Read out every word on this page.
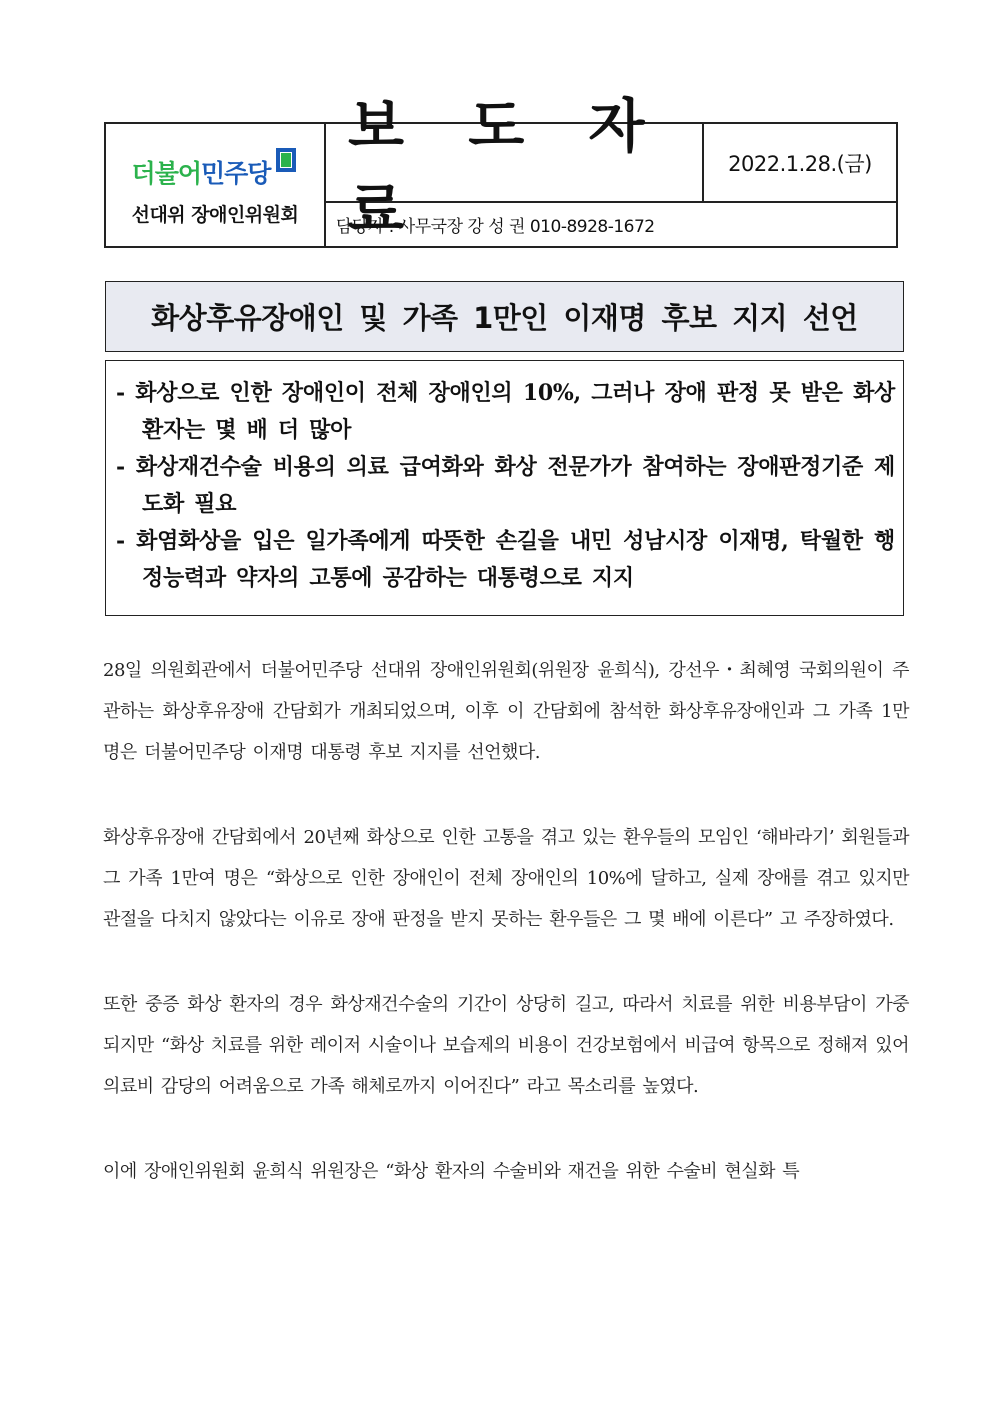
더불어민주당
선대위 장애인위원회
보 도 자 료
2022.1.28.(금)
담당자 : 사무국장 강 성 권 010-8928-1672
화상후유장애인 및 가족 1만인 이재명 후보 지지 선언
- 화상으로 인한 장애인이 전체 장애인의 10%, 그러나 장애 판정 못 받은 화상 환자는 몇 배 더 많아
- 화상재건수술 비용의 의료 급여화와 화상 전문가가 참여하는 장애판정기준 제도화 필요
- 화염화상을 입은 일가족에게 따뜻한 손길을 내민 성남시장 이재명, 탁월한 행정능력과 약자의 고통에 공감하는 대통령으로 지지

28일 의원회관에서 더불어민주당 선대위 장애인위원회(위원장 윤희식), 강선우・최혜영 국회의원이 주관하는 화상후유장애 간담회가 개최되었으며, 이후 이 간담회에 참석한 화상후유장애인과 그 가족 1만 명은 더불어민주당 이재명 대통령 후보 지지를 선언했다.

화상후유장애 간담회에서 20년째 화상으로 인한 고통을 겪고 있는 환우들의 모임인 ‘해바라기’ 회원들과 그 가족 1만여 명은 “화상으로 인한 장애인이 전체 장애인의 10%에 달하고, 실제 장애를 겪고 있지만 관절을 다치지 않았다는 이유로 장애 판정을 받지 못하는 환우들은 그 몇 배에 이른다” 고 주장하였다.

또한 중증 화상 환자의 경우 화상재건수술의 기간이 상당히 길고, 따라서 치료를 위한 비용부담이 가중되지만 “화상 치료를 위한 레이저 시술이나 보습제의 비용이 건강보험에서 비급여 항목으로 정해져 있어 의료비 감당의 어려움으로 가족 해체로까지 이어진다” 라고 목소리를 높였다.

이에 장애인위원회 윤희식 위원장은 “화상 환자의 수술비와 재건을 위한 수술비 현실화 특
